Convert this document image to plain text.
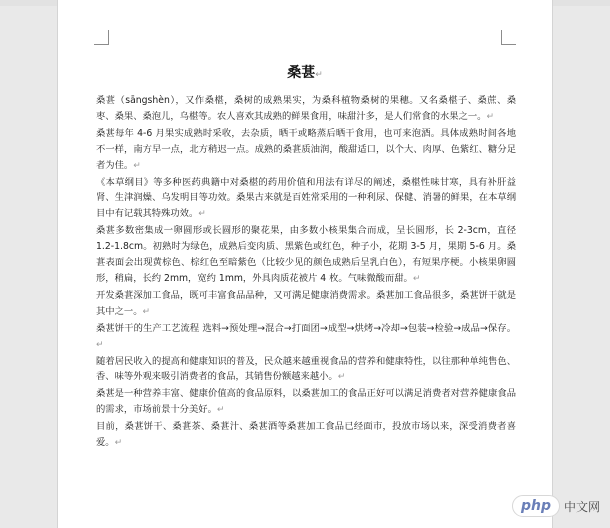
桑葚↵

桑葚（sāngshèn），又作桑椹，桑树的成熟果实，为桑科植物桑树的果穗。又名桑椹子、桑蔗、桑枣、桑果、桑泡儿，乌椹等。农人喜欢其成熟的鲜果食用，味甜汁多，是人们常食的水果之一。↵

桑葚每年 4-6 月果实成熟时采收，去杂质，晒干或略蒸后晒干食用，也可来泡酒。具体成熟时间各地不一样，南方早一点，北方稍迟一点。成熟的桑葚质油润，酸甜适口，以个大、肉厚、色紫红、糖分足者为佳。↵

《本草纲目》等多种医药典籍中对桑椹的药用价值和用法有详尽的阐述，桑椹性味甘寒，具有补肝益肾、生津润燥、乌发明目等功效。桑果古来就是百姓常采用的一种利尿、保健、消暑的鲜果，在本草纲目中有记载其特殊功效。↵

桑葚多数密集成一卵圆形或长圆形的聚花果，由多数小核果集合而成，呈长圆形，长 2-3cm，直径 1.2-1.8cm。初熟时为绿色，成熟后变肉质、黑紫色或红色，种子小，花期 3-5 月，果期 5-6 月。桑葚表面会出现黄棕色、棕红色至暗紫色（比较少见的颜色成熟后呈乳白色），有短果序梗。小核果卵圆形，稍扁，长约 2mm，宽约 1mm，外具肉质花被片 4 枚。气味微酸而甜。↵

开发桑葚深加工食品，既可丰富食品品种，又可满足健康消费需求。桑葚加工食品很多，桑葚饼干就是其中之一。↵

桑葚饼干的生产工艺流程 选料→预处理→混合→打面团→成型→烘烤→冷却→包装→检验→成品→保存。↵

随着居民收入的提高和健康知识的普及，民众越来越重视食品的营养和健康特性，以往那种单纯售色、香、味等外观来吸引消费者的食品，其销售份额越来越小。↵

桑葚是一种营养丰富、健康价值高的食品原料，以桑葚加工的食品正好可以满足消费者对营养健康食品的需求，市场前景十分美好。↵

目前，桑葚饼干、桑葚茶、桑葚汁、桑葚酒等桑葚加工食品已经面市，投放市场以来，深受消费者喜爱。↵

php	中文网
